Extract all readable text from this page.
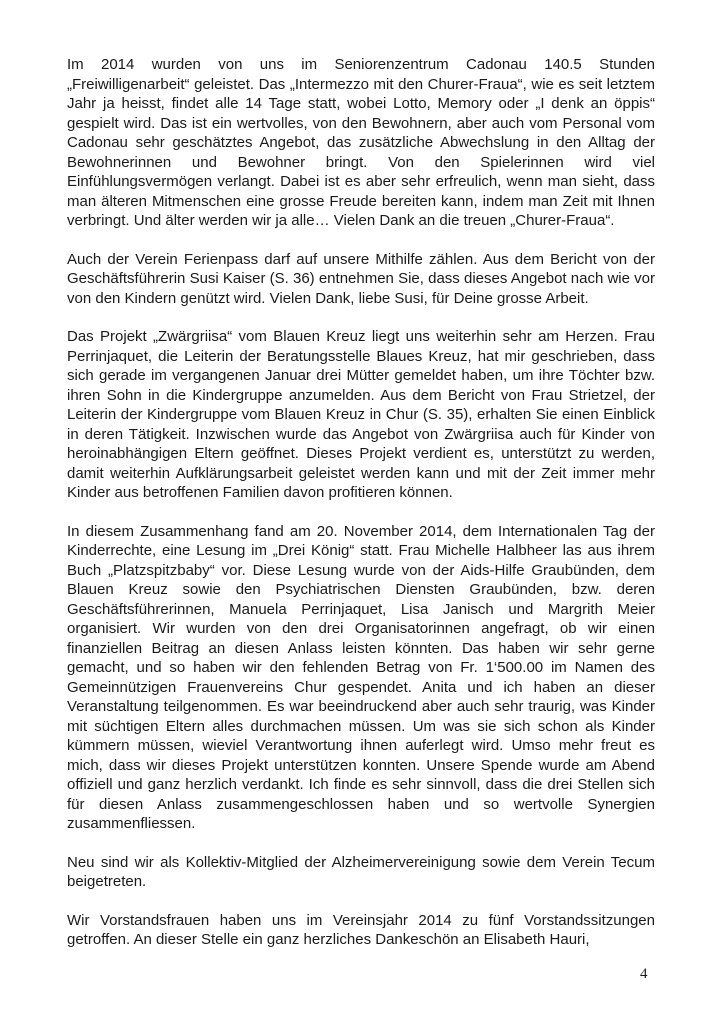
Im 2014 wurden von uns im Seniorenzentrum Cadonau 140.5 Stunden „Freiwilligenarbeit“ geleistet. Das „Intermezzo mit den Churer-Fraua“, wie es seit letztem Jahr ja heisst, findet alle 14 Tage statt, wobei Lotto, Memory oder „I denk an öppis“ gespielt wird. Das ist ein wertvolles, von den Bewohnern, aber auch vom Personal vom Cadonau sehr geschätztes Angebot, das zusätzliche Abwechslung in den Alltag der Bewohnerinnen und Bewohner bringt. Von den Spielerinnen wird viel Einfühlungsvermögen verlangt. Dabei ist es aber sehr erfreulich, wenn man sieht, dass man älteren Mitmenschen eine grosse Freude bereiten kann, indem man Zeit mit Ihnen verbringt. Und älter werden wir ja alle… Vielen Dank an die treuen „Churer-Fraua“.

Auch der Verein Ferienpass darf auf unsere Mithilfe zählen. Aus dem Bericht von der Geschäftsführerin Susi Kaiser (S. 36) entnehmen Sie, dass dieses Angebot nach wie vor von den Kindern genützt wird. Vielen Dank, liebe Susi, für Deine grosse Arbeit.

Das Projekt „Zwärgriisa“ vom Blauen Kreuz liegt uns weiterhin sehr am Herzen. Frau Perrinjaquet, die Leiterin der Beratungsstelle Blaues Kreuz, hat mir geschrieben, dass sich gerade im vergangenen Januar drei Mütter gemeldet haben, um ihre Töchter bzw. ihren Sohn in die Kindergruppe anzumelden. Aus dem Bericht von Frau Strietzel, der Leiterin der Kindergruppe vom Blauen Kreuz in Chur (S. 35), erhalten Sie einen Einblick in deren Tätigkeit. Inzwischen wurde das Angebot von Zwärgriisa auch für Kinder von heroinabhängigen Eltern geöffnet. Dieses Projekt verdient es, unterstützt zu werden, damit weiterhin Aufklärungsarbeit geleistet werden kann und mit der Zeit immer mehr Kinder aus betroffenen Familien davon profitieren können.

In diesem Zusammenhang fand am 20. November 2014, dem Internationalen Tag der Kinderrechte, eine Lesung im „Drei König“ statt. Frau Michelle Halbheer las aus ihrem Buch „Platzspitzbaby“ vor. Diese Lesung wurde von der Aids-Hilfe Graubünden, dem Blauen Kreuz sowie den Psychiatrischen Diensten Graubünden, bzw. deren Geschäftsführerinnen, Manuela Perrinjaquet, Lisa Janisch und Margrith Meier organisiert. Wir wurden von den drei Organisatorinnen angefragt, ob wir einen finanziellen Beitrag an diesen Anlass leisten könnten. Das haben wir sehr gerne gemacht, und so haben wir den fehlenden Betrag von Fr. 1‘500.00 im Namen des Gemeinnützigen Frauenvereins Chur gespendet. Anita und ich haben an dieser Veranstaltung teilgenommen. Es war beeindruckend aber auch sehr traurig, was Kinder mit süchtigen Eltern alles durchmachen müssen. Um was sie sich schon als Kinder kümmern müssen, wieviel Verantwortung ihnen auferlegt wird. Umso mehr freut es mich, dass wir dieses Projekt unterstützen konnten. Unsere Spende wurde am Abend offiziell und ganz herzlich verdankt. Ich finde es sehr sinnvoll, dass die drei Stellen sich für diesen Anlass zusammengeschlossen haben und so wertvolle Synergien zusammenfliessen.

Neu sind wir als Kollektiv-Mitglied der Alzheimervereinigung sowie dem Verein Tecum beigetreten.

Wir Vorstandsfrauen haben uns im Vereinsjahr 2014 zu fünf Vorstandssitzungen getroffen. An dieser Stelle ein ganz herzliches Dankeschön an Elisabeth Hauri,

4
